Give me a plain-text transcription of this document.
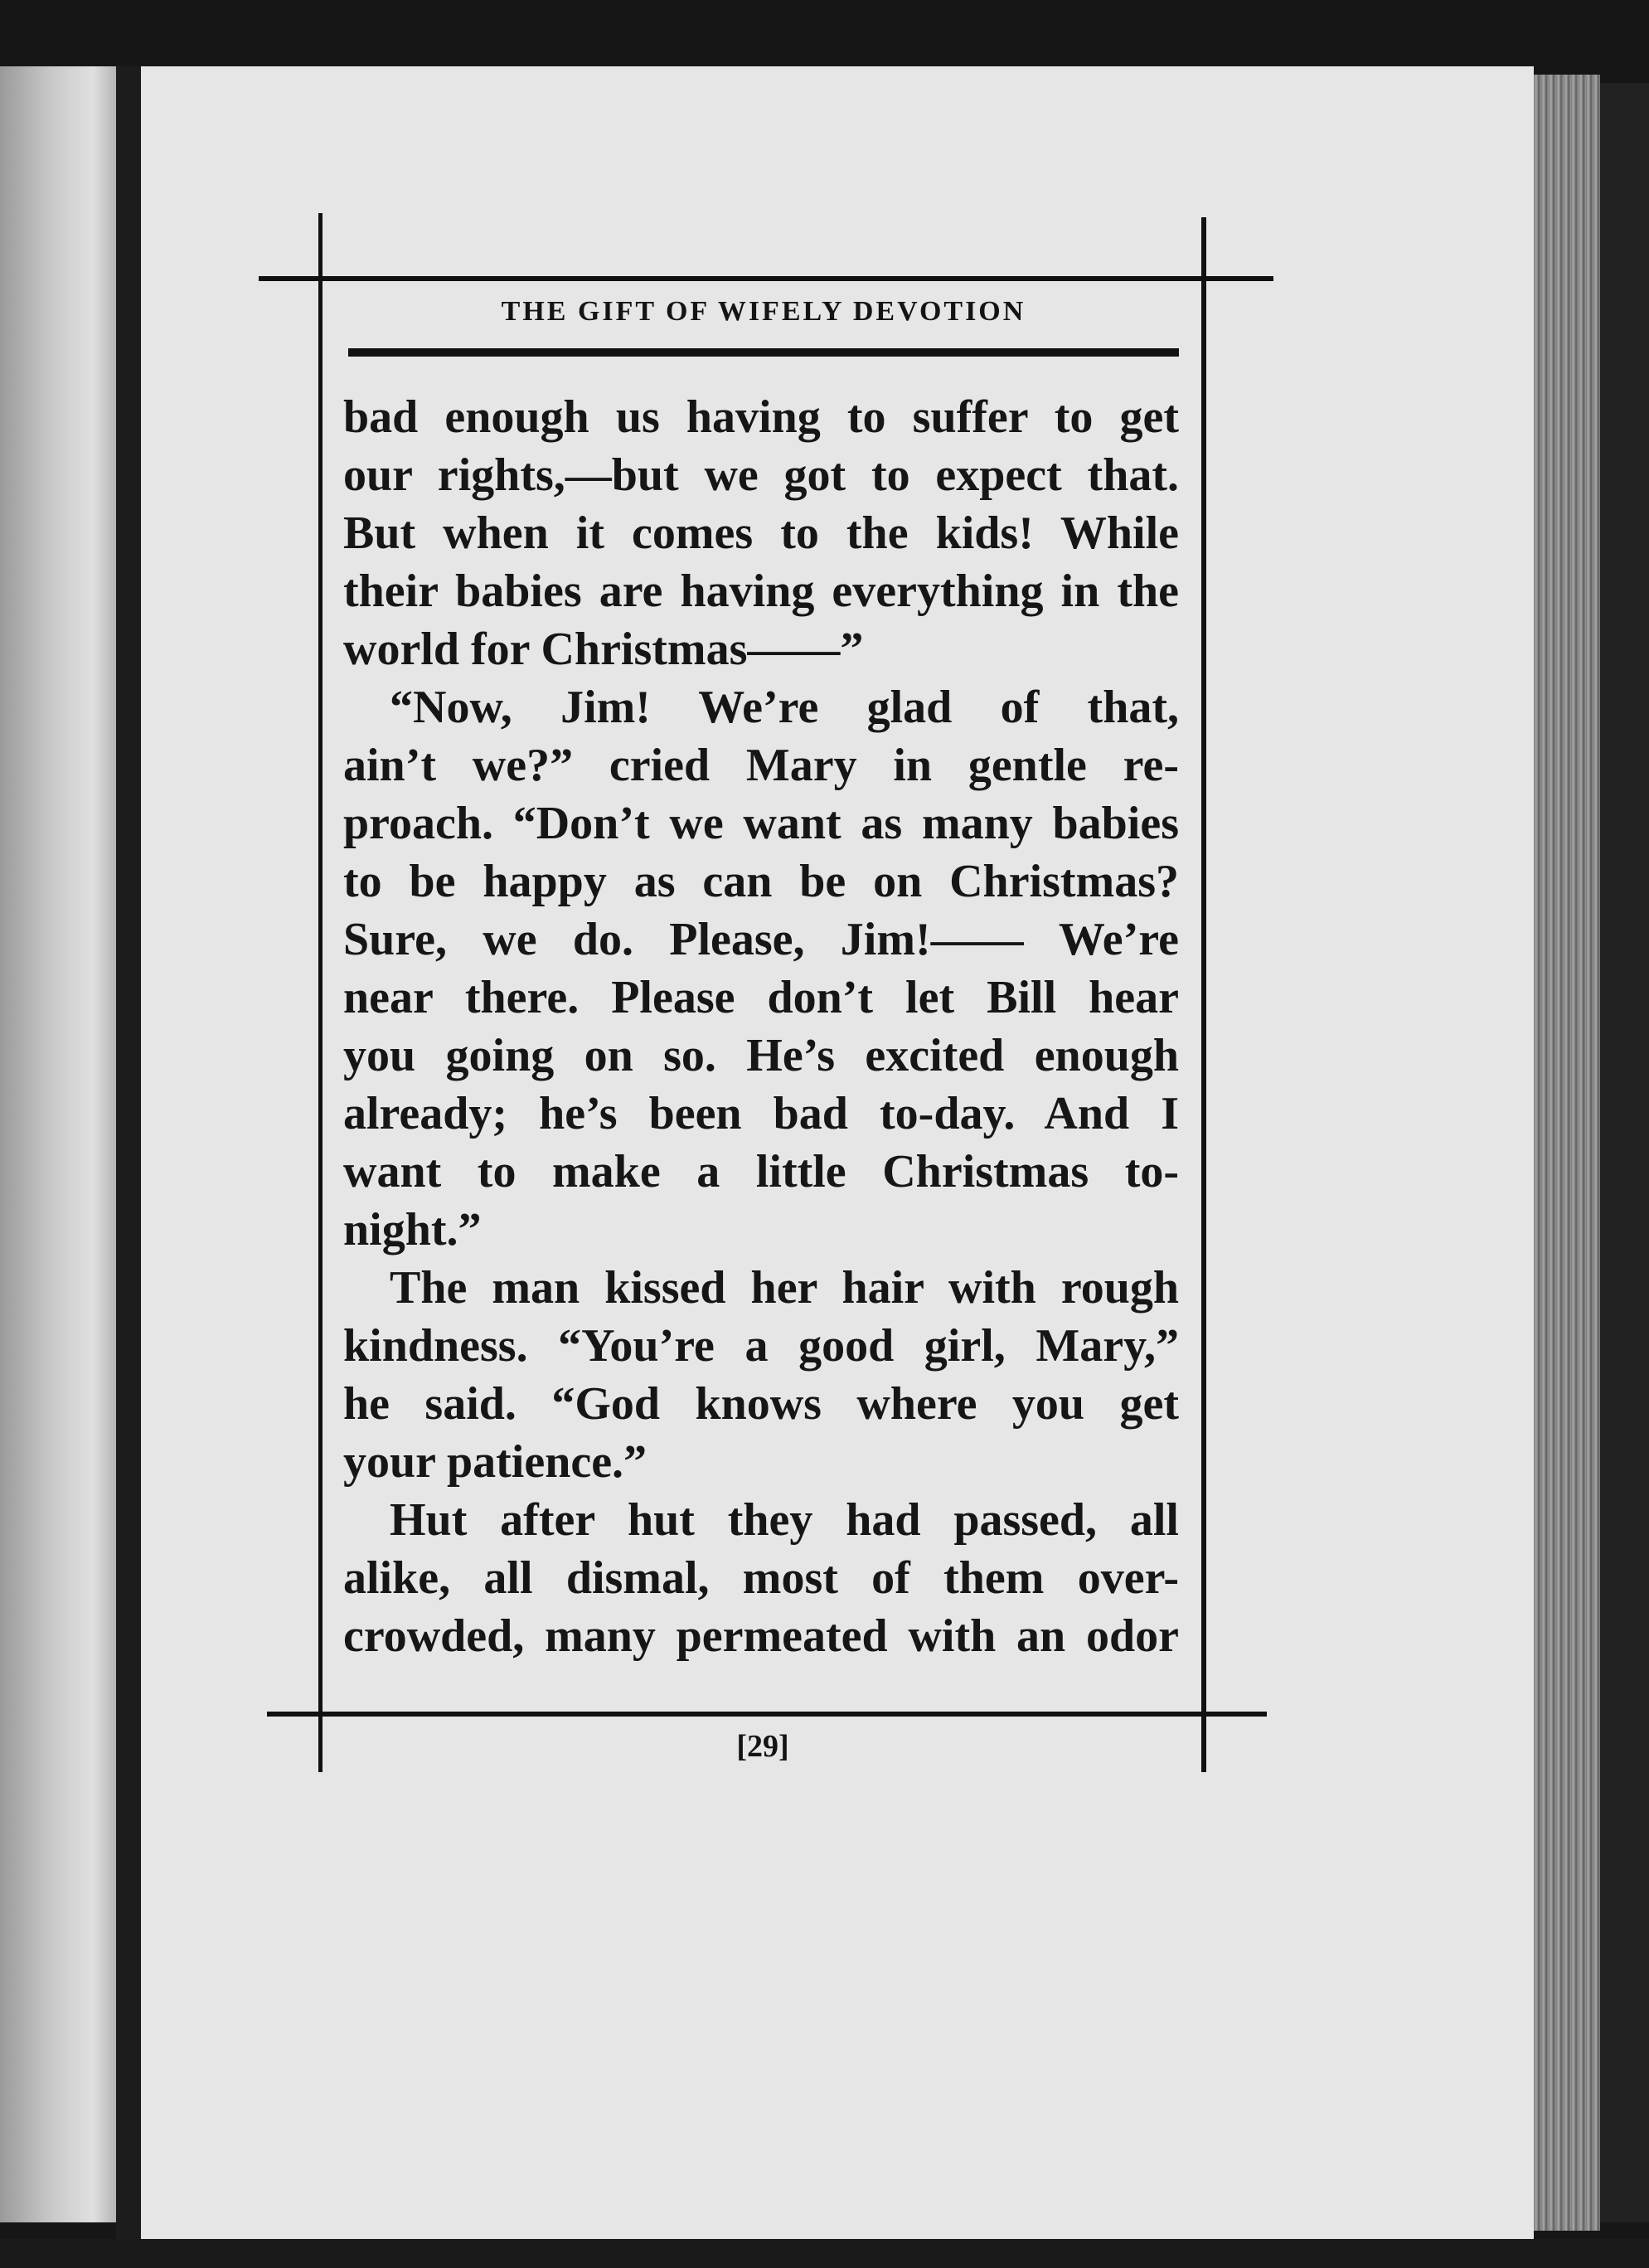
THE GIFT OF WIFELY DEVOTION
bad enough us having to suffer to get
our rights,—but we got to expect that.
But when it comes to the kids! While
their babies are having everything in the
world for Christmas——”
“Now, Jim! We’re glad of that,
ain’t we?” cried Mary in gentle re-
proach. “Don’t we want as many babies
to be happy as can be on Christmas?
Sure, we do. Please, Jim!—— We’re
near there. Please don’t let Bill hear
you going on so. He’s excited enough
already; he’s been bad to-day. And I
want to make a little Christmas to-
night.”
The man kissed her hair with rough
kindness. “You’re a good girl, Mary,”
he said. “God knows where you get
your patience.”
Hut after hut they had passed, all
alike, all dismal, most of them over-
crowded, many permeated with an odor
[29]
